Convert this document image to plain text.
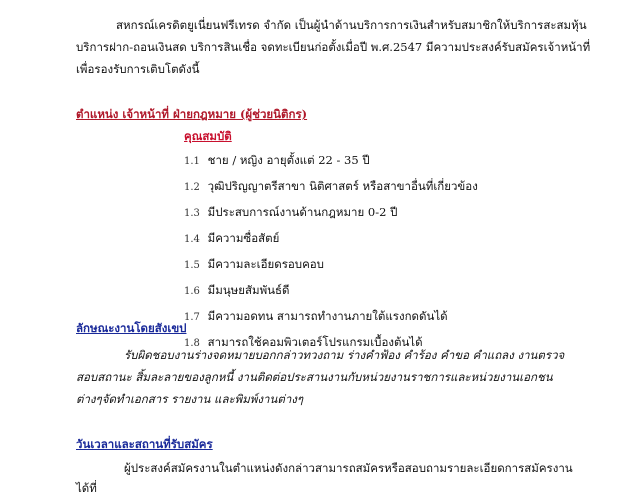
สหกรณ์เครดิตยูเนี่ยนฟรีเทรด จำกัด เป็นผู้นำด้านบริการการเงินสำหรับสมาชิกให้บริการสะสมหุ้น บริการฝาก-ถอนเงินสด บริการสินเชื่อ จดทะเบียนก่อตั้งเมื่อปี พ.ศ.2547 มีความประสงค์รับสมัครเจ้าหน้าที่เพื่อรองรับการเติบโตดังนี้

ตำแหน่ง เจ้าหน้าที่ ฝ่ายกฎหมาย (ผู้ช่วยนิติกร)
คุณสมบัติ
1.1 ชาย / หญิง อายุตั้งแต่ 22 - 35 ปี
1.2 วุฒิปริญญาตรีสาขา นิติศาสตร์ หรือสาขาอื่นที่เกี่ยวข้อง
1.3 มีประสบการณ์งานด้านกฎหมาย 0-2 ปี
1.4 มีความซื่อสัตย์
1.5 มีความละเอียดรอบคอบ
1.6 มีมนุษยสัมพันธ์ดี
1.7 มีความอดทน สามารถทำงานภายใต้แรงกดดันได้
1.8 สามารถใช้คอมพิวเตอร์โปรแกรมเบื้องต้นได้
ลักษณะงานโดยสังเขป

รับผิดชอบงานร่างจดหมายบอกกล่าวทวงถาม ร่างคำฟ้อง คำร้อง คำขอ คำแถลง งานตรวจสอบสถานะ สิ้มละลายของลูกหนี้ งานติดต่อประสานงานกับหน่วยงานราชการและหน่วยงานเอกชนต่างๆจัดทำเอกสาร รายงาน และพิมพ์งานต่างๆ

วันเวลาและสถานที่รับสมัคร

ผู้ประสงค์สมัครงานในตำแหน่งดังกล่าวสามารถสมัครหรือสอบถามรายละเอียดการสมัครงานได้ที่
